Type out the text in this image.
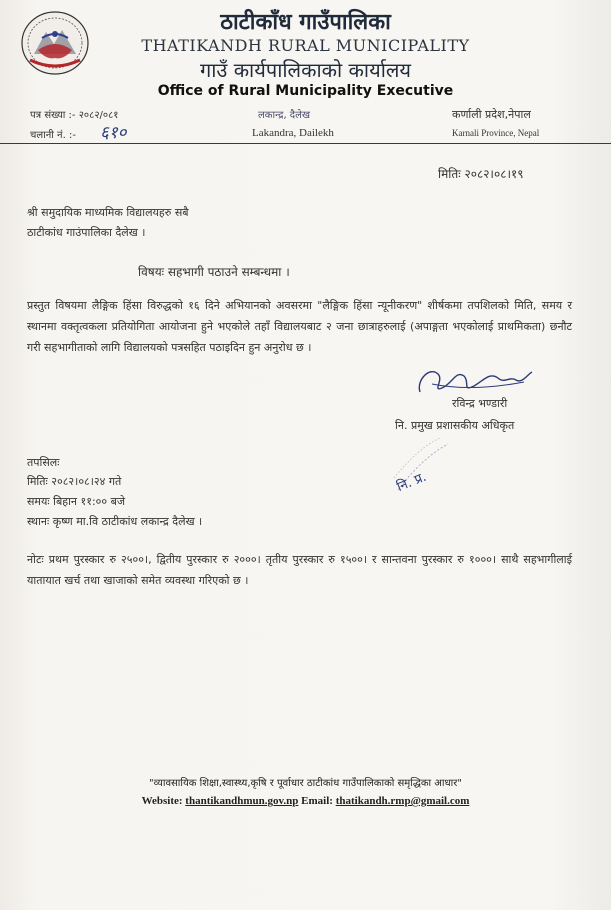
ठाटीकाँध गाउँपालिका
THATIKANDH RURAL MUNICIPALITY
गाउँ कार्यपालिकाको कार्यालय
Office of Rural Municipality Executive
पत्र संख्या :- २०८२/०८१
चलानी नं. :- ६१०
लकान्द्र, दैलेख
Lakandra, Dailekh
कर्णाली प्रदेश,नेपाल
Karnali Province, Nepal
मितिः २०८२।०८।१९
श्री समुदायिक माध्यमिक विद्यालयहरु सबै
ठाटीकांध गाउंपालिका दैलेख ।
विषयः सहभागी पठाउने सम्बन्धमा ।
प्रस्तुत विषयमा लैङ्गिक हिंसा विरुद्धको १६ दिने अभियानको अवसरमा "लैङ्गिक हिंसा न्यूनीकरण" शीर्षकमा तपशिलको मिति, समय र स्थानमा वक्तृत्वकला प्रतियोगिता आयोजना हुने भएकोले तहाँ विद्यालयबाट २ जना छात्राहरुलाई (अपाङ्गता भएकोलाई प्राथमिकता) छनौट गरी सहभागीताको लागि विद्यालयको पत्रसहित पठाइदिन हुन अनुरोध छ ।
रविन्द्र भण्डारी
नि. प्रमुख प्रशासकीय अधिकृत
नि. प्र.
तपसिलः
मितिः २०८२।०८।२४ गते
समयः बिहान ११:०० बजे
स्थानः कृष्ण मा.वि ठाटीकांध लकान्द्र दैलेख ।
नोटः प्रथम पुरस्कार रु २५००।, द्वितीय पुरस्कार रु २०००। तृतीय पुरस्कार रु १५००। र सान्तवना पुरस्कार रु १०००। साथै सहभागीलाई यातायात खर्च तथा खाजाको समेत व्यवस्था गरिएको छ ।
"व्यावसायिक शिक्षा,स्वास्थ्य,कृषि र पूर्वाधार ठाटीकांध गाउँपालिकाको समृद्धिका आधार"
Website: thantikandhmun.gov.np Email: thatikandh.rmp@gmail.com
